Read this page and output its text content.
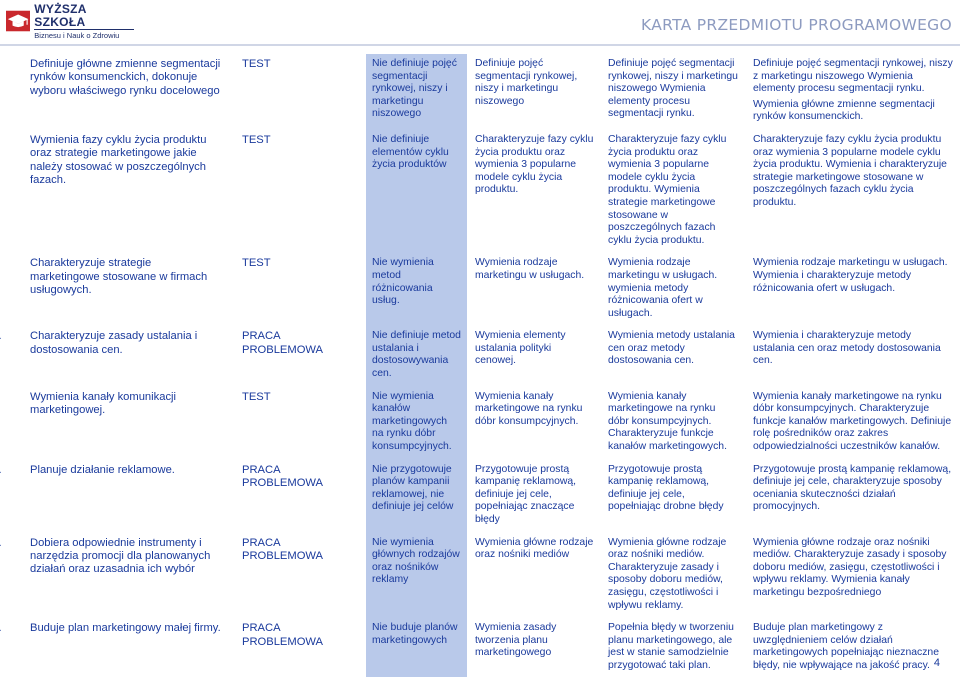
WYŻSZA SZKOŁA
Biznesu i Nauk o Zdrowiu
KARTA PRZEDMIOTU PROGRAMOWEGO
Definiuje główne zmienne segmentacji rynków konsumenckich, dokonuje wyboru właściwego rynku docelowego	TEST	Nie definiuje pojęć segmentacji rynkowej, niszy i marketingu niszowego	Definiuje pojęć segmentacji rynkowej, niszy i marketingu niszowego	Definiuje pojęć segmentacji rynkowej, niszy i marketingu niszowego Wymienia elementy procesu segmentacji rynku.	Definiuje pojęć segmentacji rynkowej, niszy z marketingu niszowego Wymienia elementy procesu segmentacji rynku.
Wymienia główne zmienne segmentacji rynków konsumenckich.

Wymienia fazy cyklu życia produktu oraz strategie marketingowe jakie należy stosować w poszczególnych fazach.	TEST	Nie definiuje elementów cyklu życia produktów	Charakteryzuje fazy cyklu życia produktu oraz wymienia 3 popularne modele cyklu życia produktu.	Charakteryzuje fazy cyklu życia produktu oraz wymienia 3 popularne modele cyklu życia produktu. Wymienia strategie marketingowe stosowane w poszczególnych fazach cyklu życia produktu.	Charakteryzuje fazy cyklu życia produktu oraz wymienia 3 popularne modele cyklu życia produktu. Wymienia i charakteryzuje strategie marketingowe stosowane w poszczególnych fazach cyklu życia produktu.

Charakteryzuje strategie marketingowe stosowane w firmach usługowych.	TEST	Nie wymienia metod różnicowania usług.	Wymienia rodzaje marketingu w usługach.	Wymienia rodzaje marketingu w usługach. wymienia metody różnicowania ofert w usługach.	Wymienia rodzaje marketingu w usługach. Wymienia i charakteryzuje metody różnicowania ofert w usługach.

Charakteryzuje zasady ustalania i dostosowania cen.	PRACA PROBLEMOWA	Nie definiuje metod ustalania i dostosowywania cen.	Wymienia elementy ustalania polityki cenowej.	Wymienia metody ustalania cen oraz metody dostosowania cen.	Wymienia i charakteryzuje metody ustalania cen oraz metody dostosowania cen.

Wymienia kanały komunikacji marketingowej.	TEST	Nie wymienia kanałów marketingowych na rynku dóbr konsumpcyjnych.	Wymienia kanały marketingowe na rynku dóbr konsumpcyjnych.	Wymienia kanały marketingowe na rynku dóbr konsumpcyjnych. Charakteryzuje funkcje kanałów marketingowych.	Wymienia kanały marketingowe na rynku dóbr konsumpcyjnych. Charakteryzuje funkcje kanałów marketingowych. Definiuje rolę pośredników oraz zakres odpowiedzialności uczestników kanałów.

Planuje działanie reklamowe.	PRACA PROBLEMOWA	Nie przygotowuje planów kampanii reklamowej, nie definiuje jej celów	Przygotowuje prostą kampanię reklamową, definiuje jej cele, popełniając znaczące błędy	Przygotowuje prostą kampanię reklamową, definiuje jej cele, popełniając drobne błędy	Przygotowuje prostą kampanię reklamową, definiuje jej cele, charakteryzuje sposoby oceniania skuteczności działań promocyjnych.

Dobiera odpowiednie instrumenty i narzędzia promocji dla planowanych działań oraz uzasadnia ich wybór	PRACA PROBLEMOWA	Nie wymienia głównych rodzajów oraz nośników reklamy	Wymienia główne rodzaje oraz nośniki mediów	Wymienia główne rodzaje oraz nośniki mediów. Charakteryzuje zasady i sposoby doboru mediów, zasięgu, częstotliwości i wpływu reklamy.	Wymienia główne rodzaje oraz nośniki mediów. Charakteryzuje zasady i sposoby doboru mediów, zasięgu, częstotliwości i wpływu reklamy. Wymienia kanały marketingu bezpośredniego

Buduje plan marketingowy małej firmy.	PRACA PROBLEMOWA	Nie buduje planów marketingowych	Wymienia zasady tworzenia planu marketingowego	Popełnia błędy w tworzeniu planu marketingowego, ale jest w stanie samodzielnie przygotować taki plan.	Buduje plan marketingowy z uwzględnieniem celów działań marketingowych popełniając nieznaczne błędy, nie wpływające na jakość pracy. 4
